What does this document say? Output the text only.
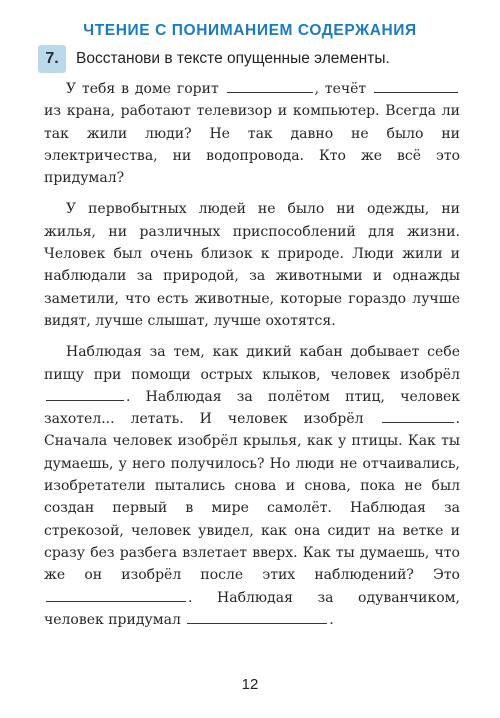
ЧТЕНИЕ С ПОНИМАНИЕМ СОДЕРЖАНИЯ
7.	Восстанови в тексте опущенные элементы.

У тебя в доме горит	, течёт  из крана, работают телевизор и компьютер. Всегда ли так жили люди? Не так давно не было ни электричества, ни водопровода. Кто же всё это придумал?

У первобытных людей не было ни одежды, ни жилья, ни различных приспособлений для жизни. Человек был очень близок к природе. Люди жили и наблюдали за природой, за животными и однажды заметили, что есть животные, которые гораздо лучше видят, лучше слышат, лучше охотятся.

Наблюдая за тем, как дикий кабан добывает себе пищу при помощи острых клыков, человек изобрёл . Наблюдая за полётом птиц, человек захотел... летать. И человек изобрёл	. Сначала человек изобрёл крылья, как у птицы. Как ты думаешь, у него получилось? Но люди не отчаивались, изобретатели пытались снова и снова, пока не был создан первый в мире самолёт. Наблюдая за стрекозой, человек увидел, как она сидит на ветке и сразу без разбега взлетает вверх. Как ты думаешь, что же он изобрёл после этих наблюдений? Это . Наблюдая за одуванчиком, человек придумал	.

12
